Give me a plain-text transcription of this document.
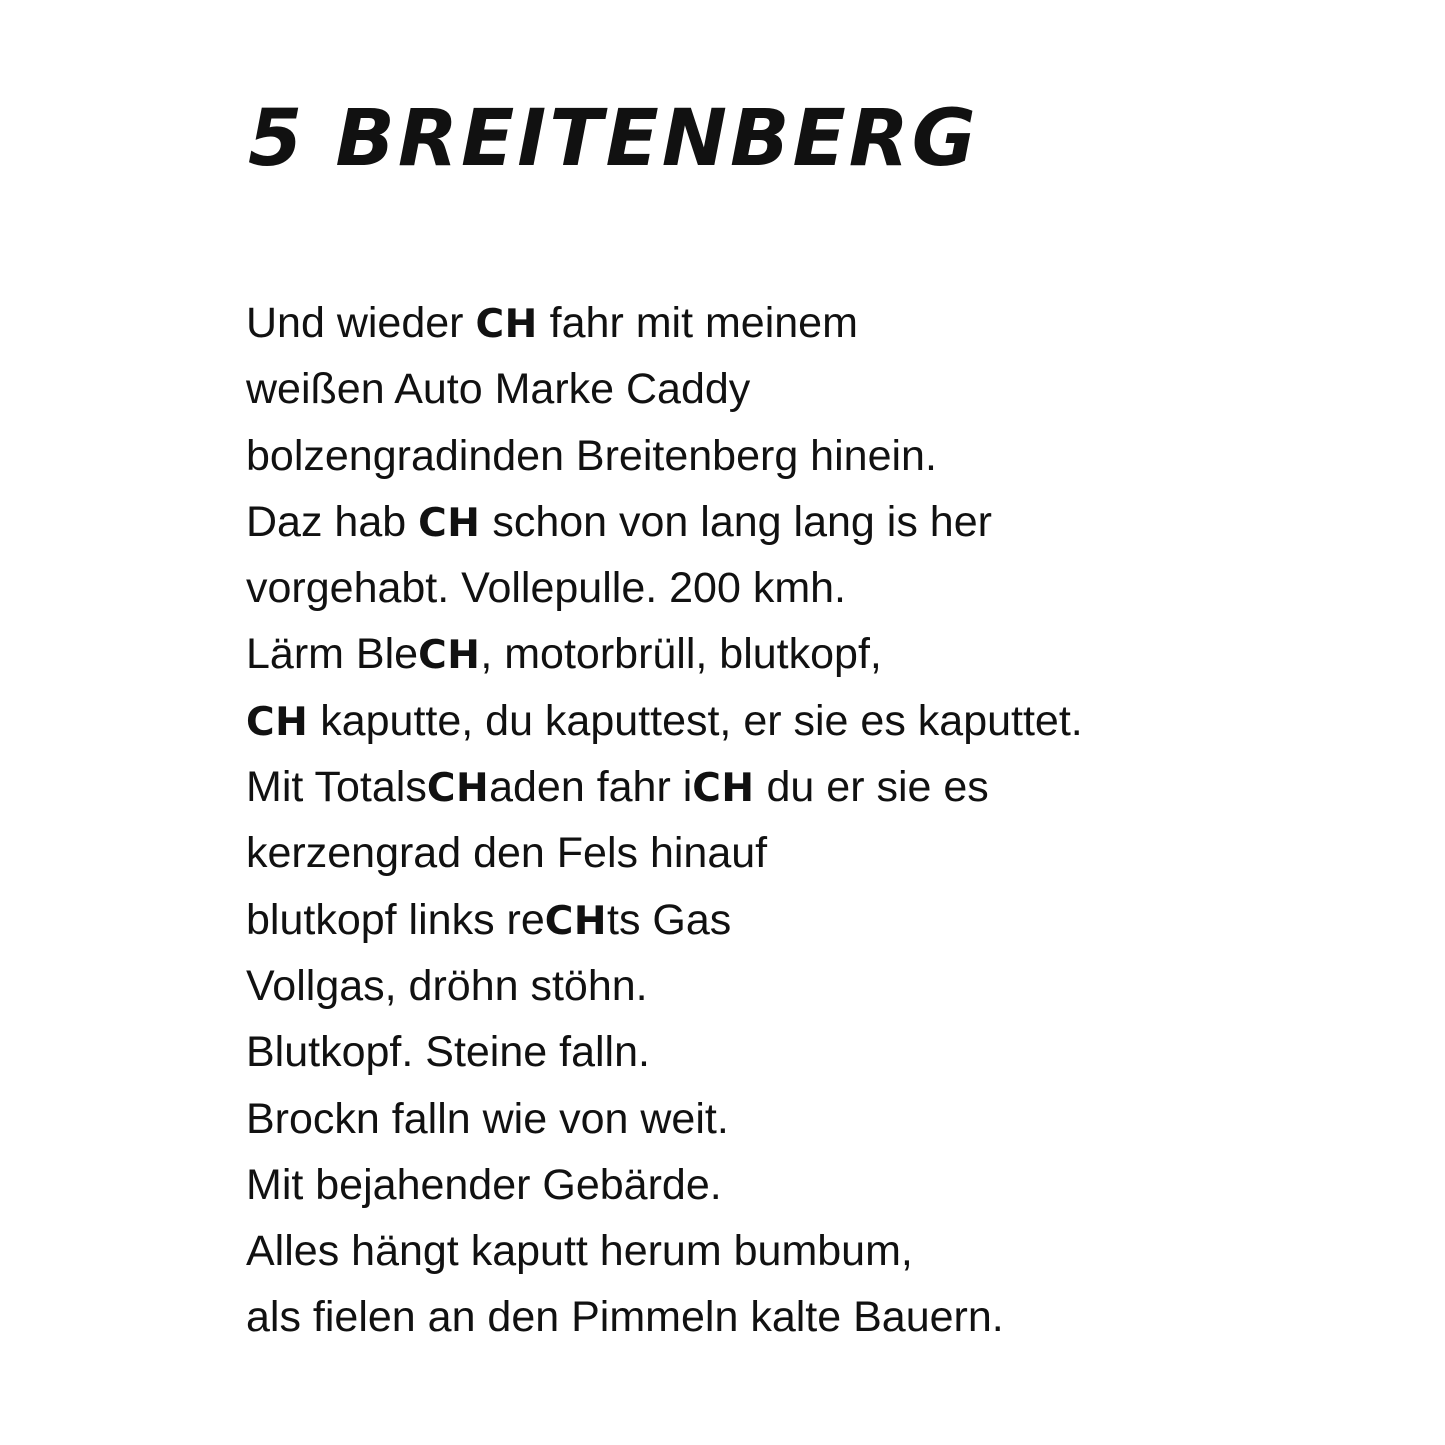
5 BREITENBERG
Und wieder CH fahr mit meinem
weißen Auto Marke Caddy
bolzengradinden Breitenberg hinein.
Daz hab CH schon von lang lang is her
vorgehabt. Vollepulle. 200 kmh.
Lärm BleCH, motorbrüll, blutkopf,
CH kaputte, du kaputtest, er sie es kaputtet.
Mit TotalsCHaden fahr iCH du er sie es
kerzengrad den Fels hinauf
blutkopf links reCHts Gas
Vollgas, dröhn stöhn.
Blutkopf. Steine falln.
Brockn falln wie von weit.
Mit bejahender Gebärde.
Alles hängt kaputt herum bumbum,
als fielen an den Pimmeln kalte Bauern.
